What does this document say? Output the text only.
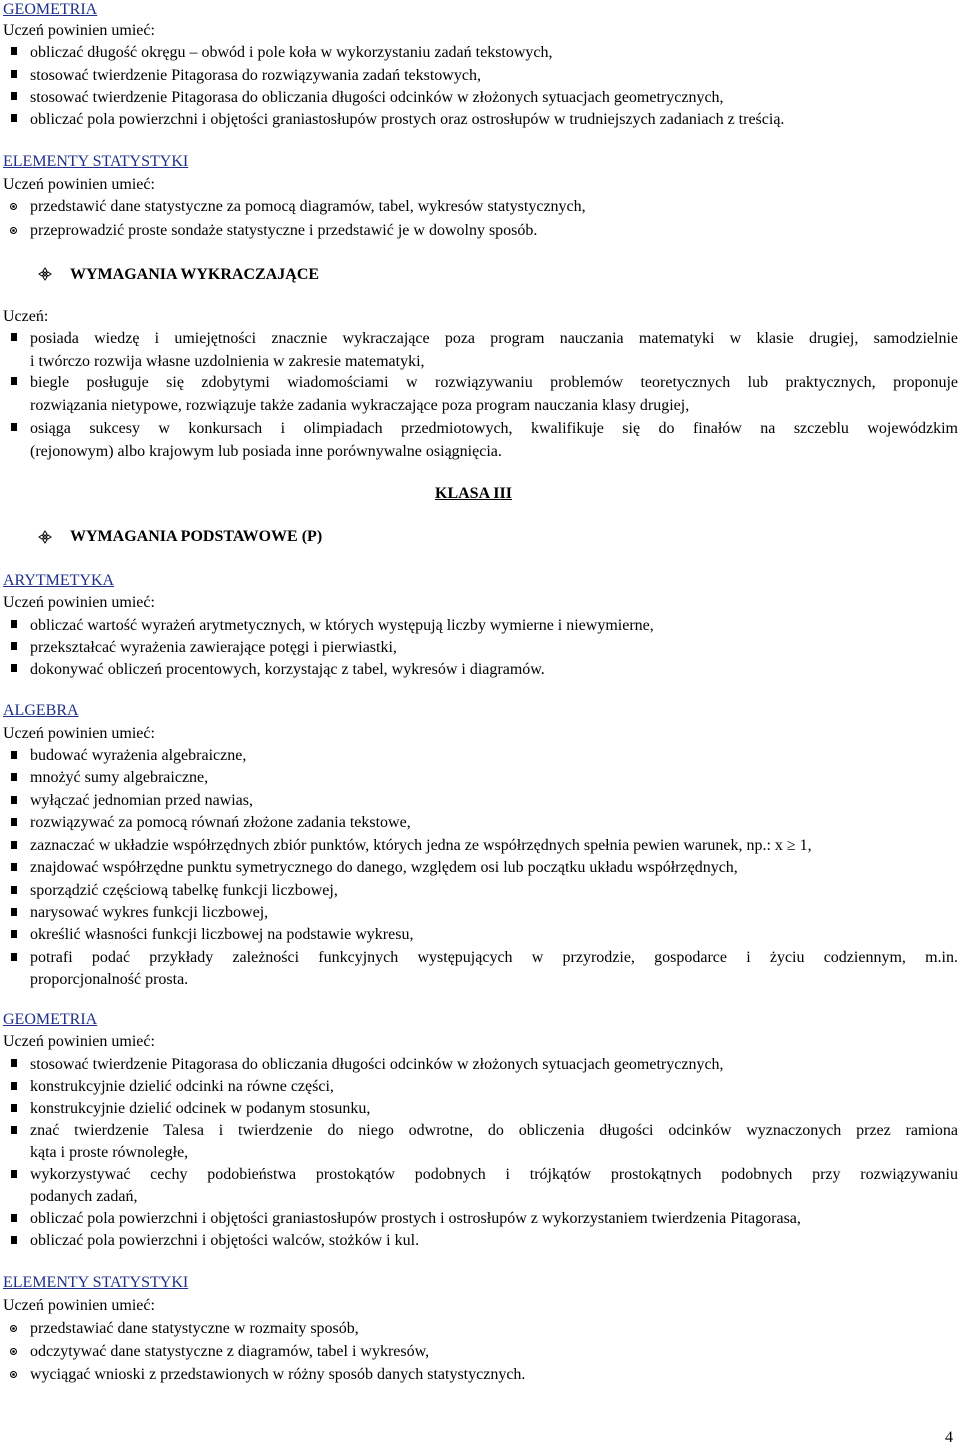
GEOMETRIA
Uczeń powinien umieć:
obliczać długość okręgu – obwód i pole koła w wykorzystaniu zadań tekstowych,
stosować twierdzenie Pitagorasa do rozwiązywania zadań tekstowych,
stosować twierdzenie Pitagorasa do obliczania długości odcinków w złożonych sytuacjach geometrycznych,
obliczać pola powierzchni i objętości graniastosłupów prostych oraz ostrosłupów w trudniejszych zadaniach z treścią.
ELEMENTY STATYSTYKI
Uczeń powinien umieć:
przedstawić dane statystyczne za pomocą diagramów, tabel, wykresów statystycznych,
przeprowadzić proste sondaże statystyczne i przedstawić je w dowolny sposób.
WYMAGANIA WYKRACZAJĄCE
Uczeń:
posiada wiedzę i umiejętności znacznie wykraczające poza program nauczania matematyki w klasie drugiej, samodzielnie
i twórczo rozwija własne uzdolnienia w zakresie matematyki,
biegle posługuje się zdobytymi wiadomościami w rozwiązywaniu problemów teoretycznych lub praktycznych, proponuje
rozwiązania nietypowe, rozwiązuje także zadania wykraczające poza program nauczania klasy drugiej,
osiąga sukcesy w konkursach i olimpiadach przedmiotowych, kwalifikuje się do finałów na szczeblu wojewódzkim
(rejonowym) albo krajowym lub posiada inne porównywalne osiągnięcia.
KLASA III
WYMAGANIA PODSTAWOWE (P)
ARYTMETYKA
Uczeń powinien umieć:
obliczać wartość wyrażeń arytmetycznych, w których występują liczby wymierne i niewymierne,
przekształcać wyrażenia zawierające potęgi i pierwiastki,
dokonywać obliczeń procentowych, korzystając z tabel, wykresów i diagramów.
ALGEBRA
Uczeń powinien umieć:
budować wyrażenia algebraiczne,
mnożyć sumy algebraiczne,
wyłączać jednomian przed nawias,
rozwiązywać za pomocą równań złożone zadania tekstowe,
zaznaczać w układzie współrzędnych zbiór punktów, których jedna ze współrzędnych spełnia pewien warunek, np.: x ≥ 1,
znajdować współrzędne punktu symetrycznego do danego, względem osi lub początku układu współrzędnych,
sporządzić częściową tabelkę funkcji liczbowej,
narysować wykres funkcji liczbowej,
określić własności funkcji liczbowej na podstawie wykresu,
potrafi podać przykłady zależności funkcyjnych występujących w przyrodzie, gospodarce i życiu codziennym, m.in.
proporcjonalność prosta.
GEOMETRIA
Uczeń powinien umieć:
stosować twierdzenie Pitagorasa do obliczania długości odcinków w złożonych sytuacjach geometrycznych,
konstrukcyjnie dzielić odcinki na równe części,
konstrukcyjnie dzielić odcinek w podanym stosunku,
znać twierdzenie Talesa i twierdzenie do niego odwrotne, do obliczenia długości odcinków wyznaczonych przez ramiona
kąta i proste równoległe,
wykorzystywać cechy podobieństwa prostokątów podobnych i trójkątów prostokątnych podobnych przy rozwiązywaniu
podanych zadań,
obliczać pola powierzchni i objętości graniastosłupów prostych i ostrosłupów z wykorzystaniem twierdzenia Pitagorasa,
obliczać pola powierzchni i objętości walców, stożków i kul.
ELEMENTY STATYSTYKI
Uczeń powinien umieć:
przedstawiać dane statystyczne w rozmaity sposób,
odczytywać dane statystyczne z diagramów, tabel i wykresów,
wyciągać wnioski z przedstawionych w różny sposób danych statystycznych.
4
